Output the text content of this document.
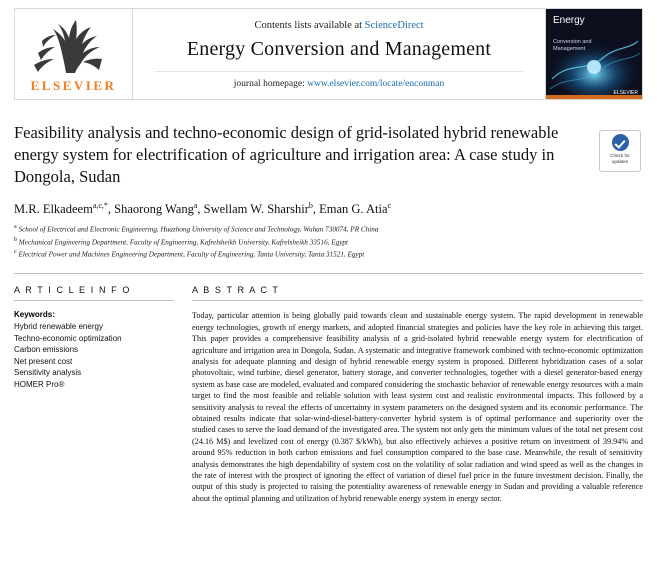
ELSEVIER
Contents lists available at ScienceDirect
Energy Conversion and Management
journal homepage: www.elsevier.com/locate/enconman
Energy
Conversion and
Management
ELSEVIER
Feasibility analysis and techno-economic design of grid-isolated hybrid renewable energy system for electrification of agriculture and irrigation area: A case study in Dongola, Sudan
Check for
updates
M.R. Elkadeem$^{a,c,*}$, Shaorong Wang$^a$, Swellam W. Sharshir$^b$, Eman G. Atia$^c$
$^a$ School of Electrical and Electronic Engineering, Huazhong University of Science and Technology, Wuhan 730074, PR China
$^b$ Mechanical Engineering Department, Faculty of Engineering, Kafrelsheikh University, Kafrelsheikh 33516, Egypt
$^c$ Electrical Power and Machines Engineering Department, Faculty of Engineering, Tanta University, Tanta 31521, Egypt
A R T I C L E I N F O
Keywords:
Hybrid renewable energy
Techno-economic optimization
Carbon emissions
Net present cost
Sensitivity analysis
HOMER Pro®
A B S T R A C T
Today, particular attention is being globally paid towards clean and sustainable energy system. The rapid development in renewable energy technologies, growth of energy markets, and adopted financial strategies and policies have the key role in achieving this target. This paper provides a comprehensive feasibility analysis of a grid-isolated hybrid renewable energy system for electrification of agriculture and irrigation area in Dongola, Sudan. A systematic and integrative framework combined with techno-economic optimization analysis for adequate planning and design of hybrid renewable energy system is proposed. Different hybridization cases of a solar photovoltaic, wind turbine, diesel generator, battery storage, and converter technologies, together with a diesel generator-based energy system as base case are modeled, evaluated and compared considering the stochastic behavior of renewable energy resources with a main target to find the most feasible and reliable solution with least system cost and realistic environmental impacts. This followed by a sensitivity analysis to reveal the effects of uncertainty in system parameters on the designed system and its economic performance. The obtained results indicate that solar-wind-diesel-battery-converter hybrid system is of optimal performance and superiority over the studied cases to serve the load demand of the investigated area. The system not only gets the minimum values of the total net present cost (24.16 M$) and levelized cost of energy (0.387 $/kWh), but also effectively achieves a positive return on investment of 39.94% and around 95% reduction in both carbon emissions and fuel consumption compared to the base case. Meanwhile, the result of sensitivity analysis demonstrates the high dependability of system cost on the volatility of solar radiation and wind speed as well as the changes in the rate of interest with the prospect of ignoring the effect of variation of diesel fuel price in the future investment decision. Finally, the output of this study is projected to raising the potentiality awareness of renewable energy in Sudan and providing a valuable reference about the optimal planning and utilization of hybrid renewable energy system in energy sector.
